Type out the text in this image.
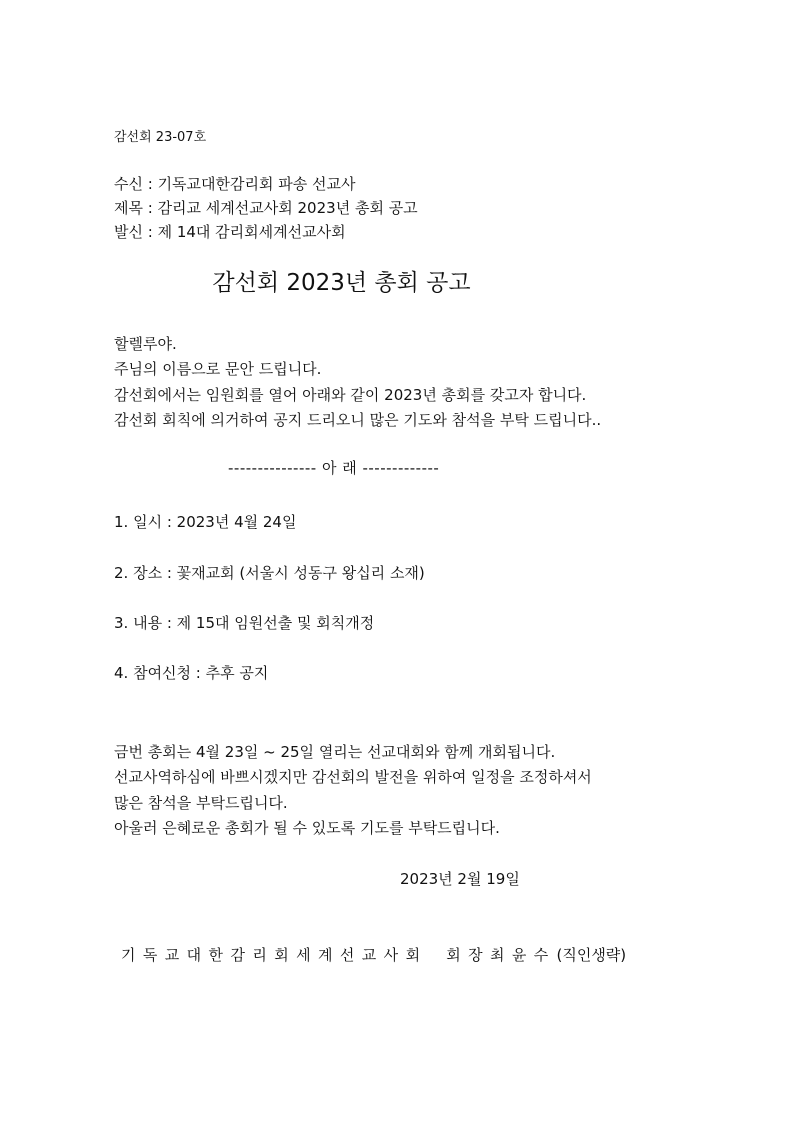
감선회 23-07호
수신 : 기독교대한감리회 파송 선교사
제목 : 감리교 세계선교사회 2023년 총회 공고
발신 : 제 14대 감리회세계선교사회
감선회 2023년 총회 공고
할렐루야.
주님의 이름으로 문안 드립니다.
감선회에서는 임원회를 열어 아래와 같이 2023년 총회를 갖고자 합니다.
감선회 회칙에 의거하여 공지 드리오니 많은 기도와 참석을 부탁 드립니다..
--------------- 아 래 -------------
1. 일시 : 2023년 4월 24일
2. 장소 : 꽃재교회 (서울시 성동구 왕십리 소재)
3. 내용 : 제 15대 임원선출 및 회칙개정
4. 참여신청 : 추후 공지
금번 총회는 4월 23일 ~ 25일 열리는 선교대회와 함께 개회됩니다.
선교사역하심에 바쁘시겠지만 감선회의 발전을 위하여 일정을 조정하셔서
많은 참석을 부탁드립니다.
아울러 은혜로운 총회가 될 수 있도록 기도를 부탁드립니다.
2023년 2월 19일
기독교대한감리회세계선교사회 회장최윤수 (직인생략)
